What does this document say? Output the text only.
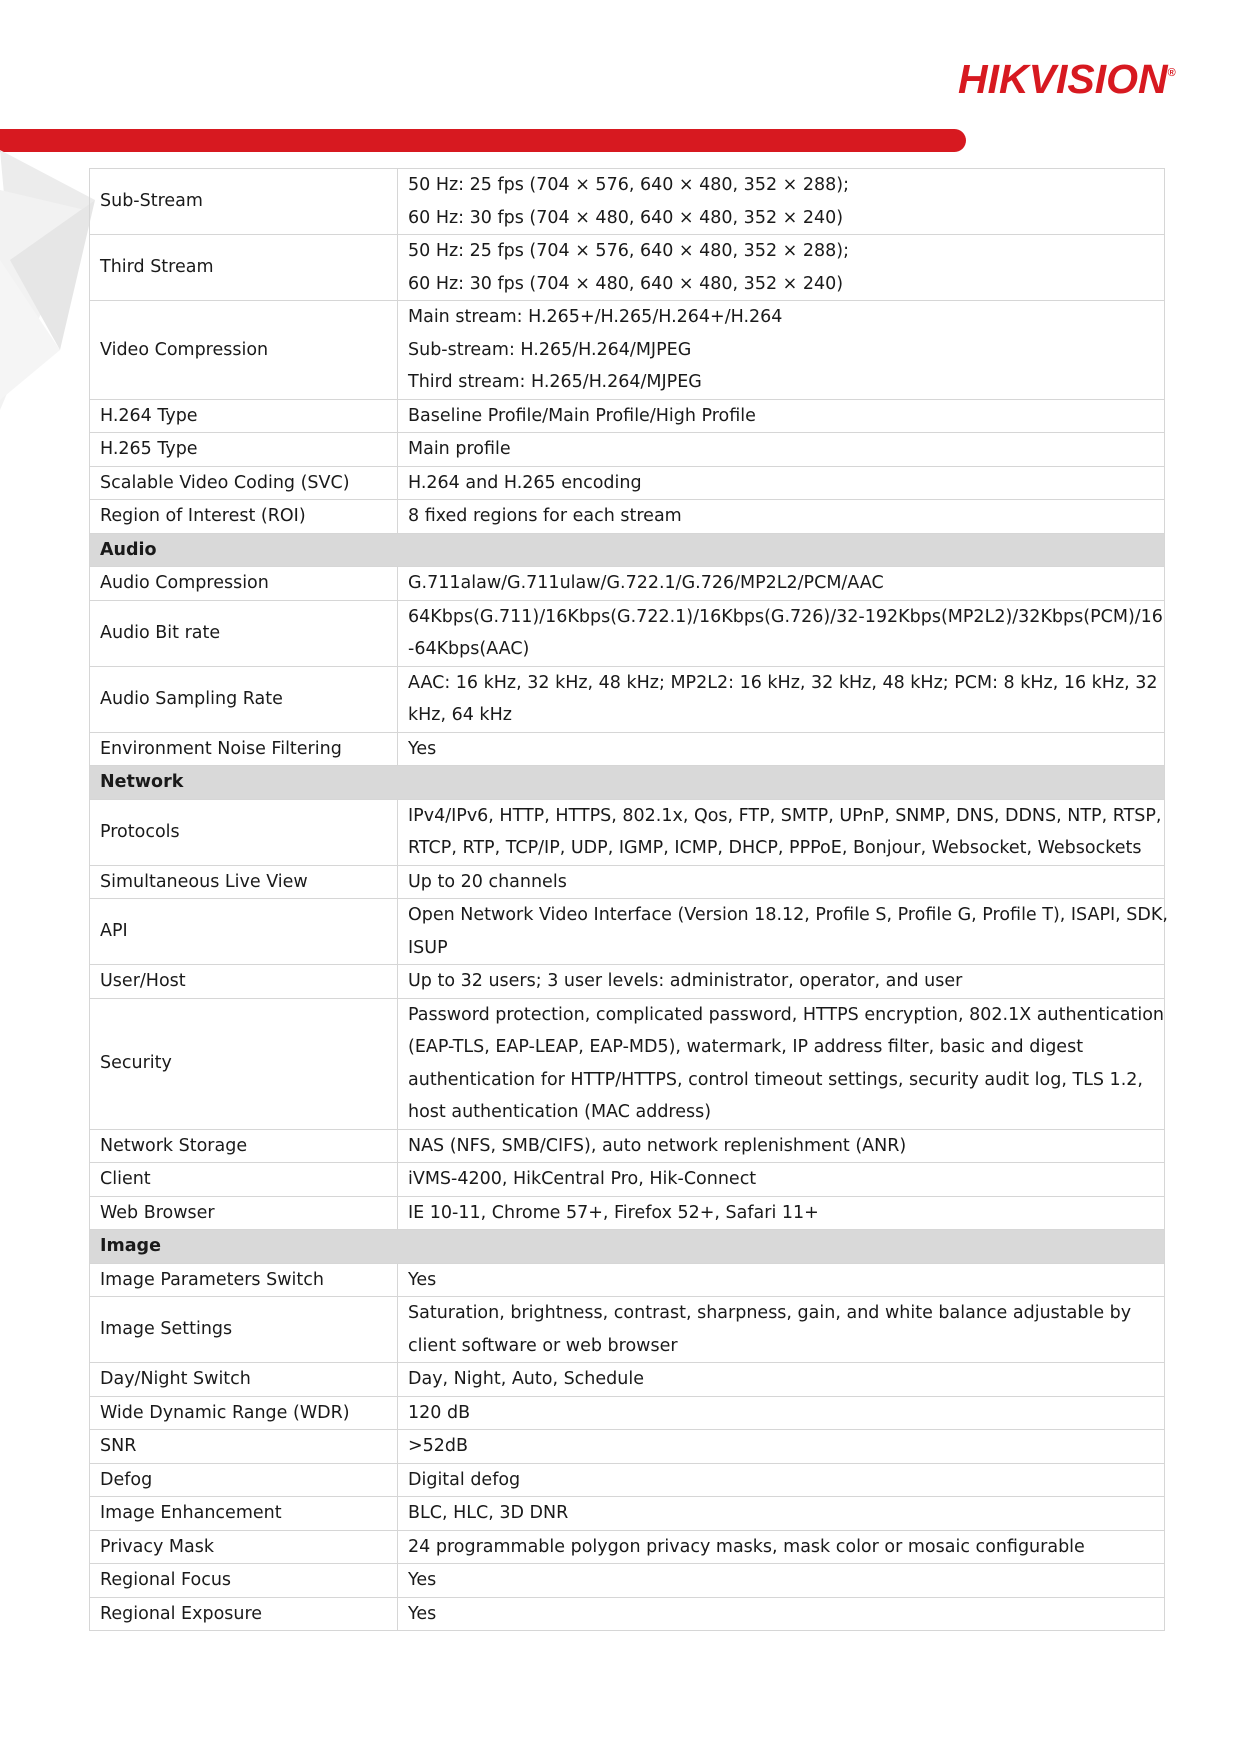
HIKVISION®
Sub-Stream	50 Hz: 25 fps (704 × 576, 640 × 480, 352 × 288);
60 Hz: 30 fps (704 × 480, 640 × 480, 352 × 240)

Third Stream	50 Hz: 25 fps (704 × 576, 640 × 480, 352 × 288);
60 Hz: 30 fps (704 × 480, 640 × 480, 352 × 240)

Video Compression	Main stream: H.265+/H.265/H.264+/H.264
Sub-stream: H.265/H.264/MJPEG
Third stream: H.265/H.264/MJPEG

H.264 Type	Baseline Profile/Main Profile/High Profile

H.265 Type	Main profile

Scalable Video Coding (SVC)	H.264 and H.265 encoding

Region of Interest (ROI)	8 fixed regions for each stream

Audio	
Audio Compression	G.711alaw/G.711ulaw/G.722.1/G.726/MP2L2/PCM/AAC

Audio Bit rate	64Kbps(G.711)/16Kbps(G.722.1)/16Kbps(G.726)/32-192Kbps(MP2L2)/32Kbps(PCM)/16
-64Kbps(AAC)

Audio Sampling Rate	AAC: 16 kHz, 32 kHz, 48 kHz; MP2L2: 16 kHz, 32 kHz, 48 kHz; PCM: 8 kHz, 16 kHz, 32
kHz, 64 kHz

Environment Noise Filtering	Yes

Network	
Protocols	IPv4/IPv6, HTTP, HTTPS, 802.1x, Qos, FTP, SMTP, UPnP, SNMP, DNS, DDNS, NTP, RTSP,
RTCP, RTP, TCP/IP, UDP, IGMP, ICMP, DHCP, PPPoE, Bonjour, Websocket, Websockets

Simultaneous Live View	Up to 20 channels

API	Open Network Video Interface (Version 18.12, Profile S, Profile G, Profile T), ISAPI, SDK,
ISUP

User/Host	Up to 32 users; 3 user levels: administrator, operator, and user

Security	Password protection, complicated password, HTTPS encryption, 802.1X authentication
(EAP-TLS, EAP-LEAP, EAP-MD5), watermark, IP address filter, basic and digest
authentication for HTTP/HTTPS, control timeout settings, security audit log, TLS 1.2,
host authentication (MAC address)

Network Storage	NAS (NFS, SMB/CIFS), auto network replenishment (ANR)

Client	iVMS-4200, HikCentral Pro, Hik-Connect

Web Browser	IE 10-11, Chrome 57+, Firefox 52+, Safari 11+

Image	
Image Parameters Switch	Yes

Image Settings	Saturation, brightness, contrast, sharpness, gain, and white balance adjustable by
client software or web browser

Day/Night Switch	Day, Night, Auto, Schedule

Wide Dynamic Range (WDR)	120 dB

SNR	>52dB

Defog	Digital defog

Image Enhancement	BLC, HLC, 3D DNR

Privacy Mask	24 programmable polygon privacy masks, mask color or mosaic configurable

Regional Focus	Yes

Regional Exposure	Yes
